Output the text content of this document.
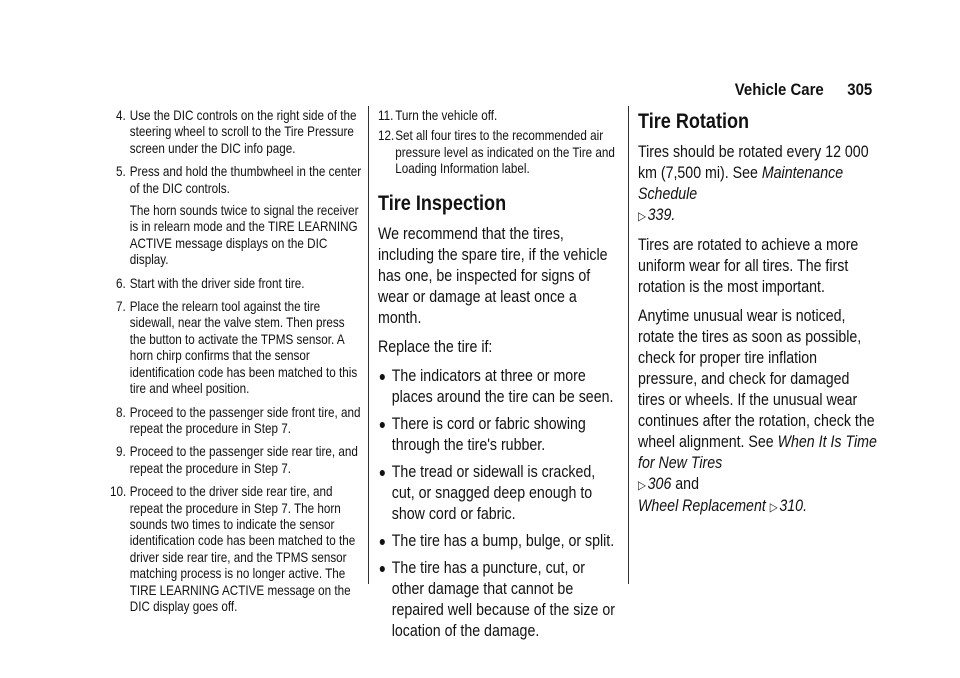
Vehicle Care 305
4. Use the DIC controls on the right side of the steering wheel to scroll to the Tire Pressure screen under the DIC info page.
5. Press and hold the thumbwheel in the center of the DIC controls.
The horn sounds twice to signal the receiver is in relearn mode and the TIRE LEARNING ACTIVE message displays on the DIC display.
6. Start with the driver side front tire.
7. Place the relearn tool against the tire sidewall, near the valve stem. Then press the button to activate the TPMS sensor. A horn chirp confirms that the sensor identification code has been matched to this tire and wheel position.
8. Proceed to the passenger side front tire, and repeat the procedure in Step 7.
9. Proceed to the passenger side rear tire, and repeat the procedure in Step 7.
10. Proceed to the driver side rear tire, and repeat the procedure in Step 7. The horn sounds two times to indicate the sensor identification code has been matched to the driver side rear tire, and the TPMS sensor matching process is no longer active. The TIRE LEARNING ACTIVE message on the DIC display goes off.
11. Turn the vehicle off.
12. Set all four tires to the recommended air pressure level as indicated on the Tire and Loading Information label.
Tire Inspection

We recommend that the tires, including the spare tire, if the vehicle has one, be inspected for signs of wear or damage at least once a month.

Replace the tire if:

The indicators at three or more places around the tire can be seen.
There is cord or fabric showing through the tire's rubber.
The tread or sidewall is cracked, cut, or snagged deep enough to show cord or fabric.
The tire has a bump, bulge, or split.
The tire has a puncture, cut, or other damage that cannot be repaired well because of the size or location of the damage.
Tire Rotation

Tires should be rotated every 12 000 km (7,500 mi). See Maintenance Schedule
▷ 339.

Tires are rotated to achieve a more uniform wear for all tires. The first rotation is the most important.

Anytime unusual wear is noticed, rotate the tires as soon as possible, check for proper tire inflation pressure, and check for damaged tires or wheels. If the unusual wear continues after the rotation, check the wheel alignment. See When It Is Time for New Tires
▷ 306 and
Wheel Replacement ▷ 310.
